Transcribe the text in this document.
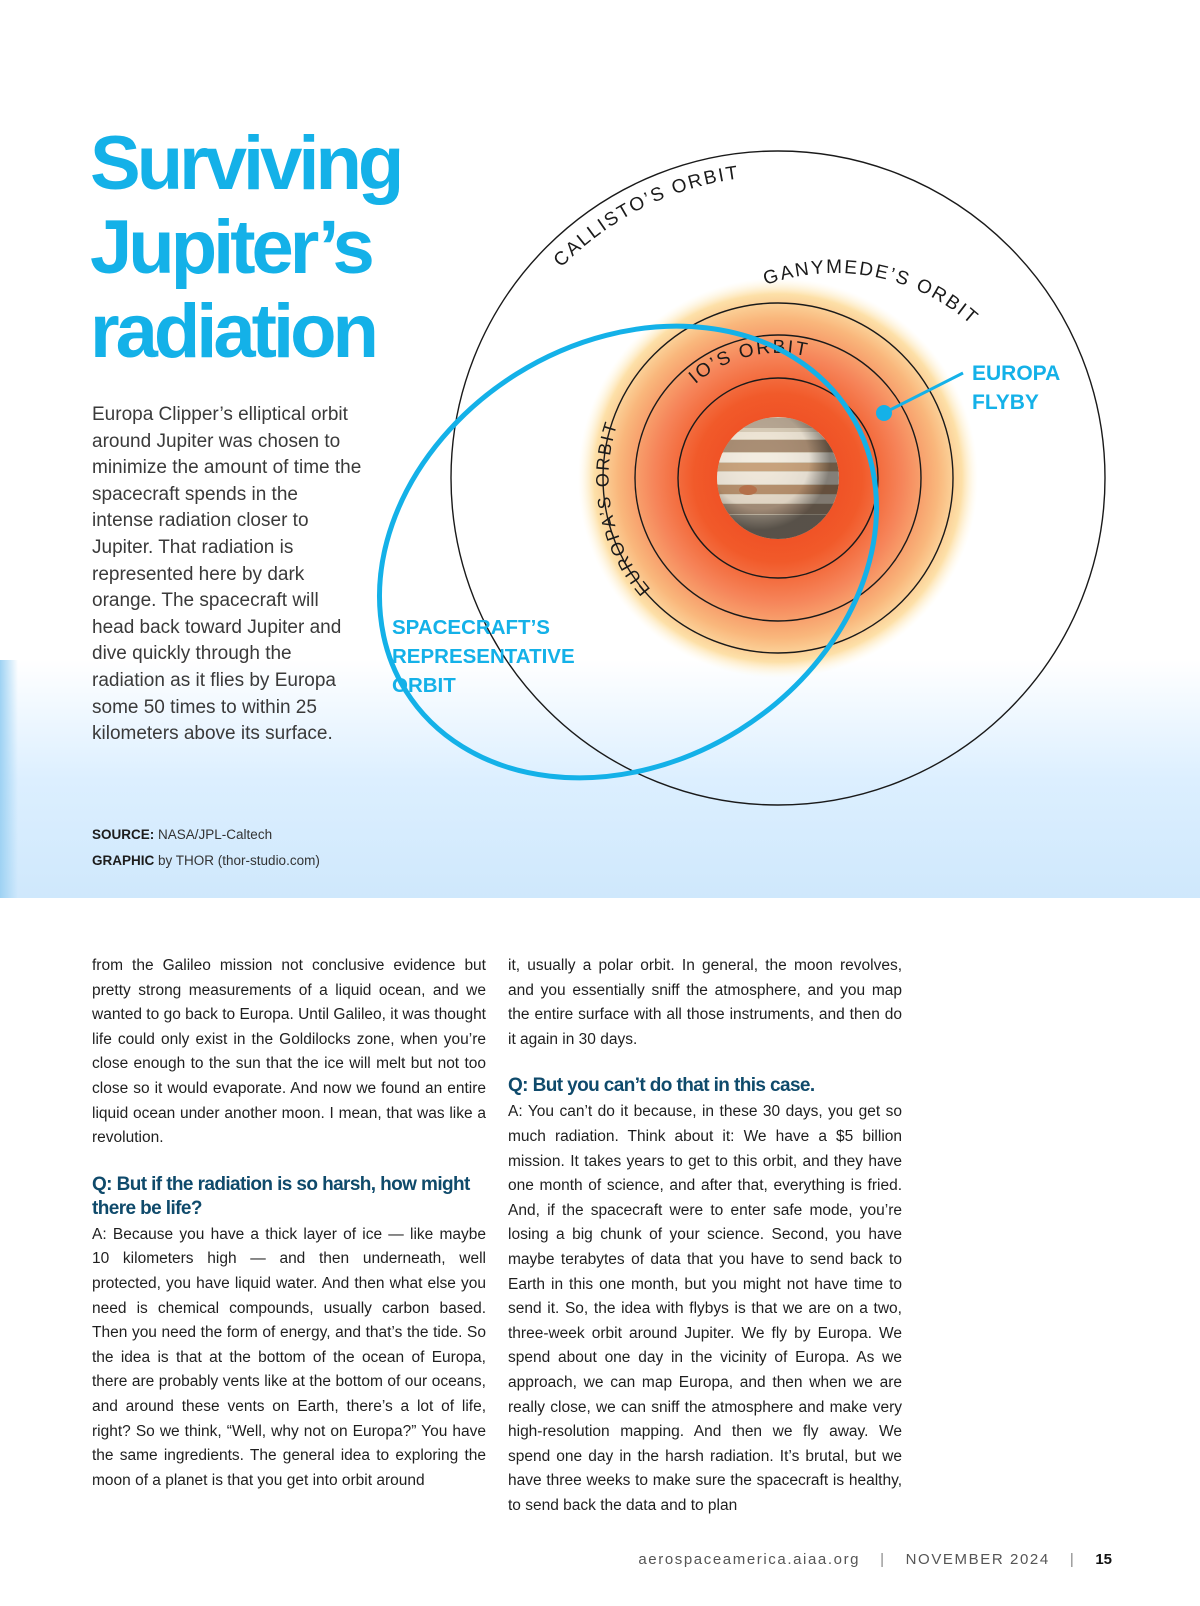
Surviving
Jupiter’s
radiation
Europa Clipper’s elliptical orbit around Jupiter was chosen to minimize the amount of time the spacecraft spends in the intense radiation closer to Jupiter. That radiation is represented here by dark orange. The spacecraft will head back toward Jupiter and dive quickly through the radiation as it flies by Europa some 50 times to within 25 kilometers above its surface.
SOURCE: NASA/JPL-Caltech
GRAPHIC by THOR (thor-studio.com)
CALLISTO’S ORBIT
GANYMEDE’S ORBIT
EUROPA’S ORBIT
IO’S ORBIT
EUROPA FLYBY
SPACECRAFT’S REPRESENTATIVE ORBIT

from the Galileo mission not conclusive evidence but pretty strong measurements of a liquid ocean, and we wanted to go back to Europa. Until Galileo, it was thought life could only exist in the Goldilocks zone, when you’re close enough to the sun that the ice will melt but not too close so it would evaporate. And now we found an entire liquid ocean under another moon. I mean, that was like a revolution.

Q: But if the radiation is so harsh, how might there be life?

A: Because you have a thick layer of ice — like maybe 10 kilometers high — and then underneath, well protected, you have liquid water. And then what else you need is chemical compounds, usually carbon based. Then you need the form of energy, and that’s the tide. So the idea is that at the bottom of the ocean of Europa, there are probably vents like at the bottom of our oceans, and around these vents on Earth, there’s a lot of life, right? So we think, “Well, why not on Europa?” You have the same ingredients. The general idea to exploring the moon of a planet is that you get into orbit around

it, usually a polar orbit. In general, the moon revolves, and you essentially sniff the atmosphere, and you map the entire surface with all those instruments, and then do it again in 30 days.

Q: But you can’t do that in this case.

A: You can’t do it because, in these 30 days, you get so much radiation. Think about it: We have a $5 billion mission. It takes years to get to this orbit, and they have one month of science, and after that, everything is fried. And, if the spacecraft were to enter safe mode, you’re losing a big chunk of your science. Second, you have maybe terabytes of data that you have to send back to Earth in this one month, but you might not have time to send it. So, the idea with flybys is that we are on a two, three-week orbit around Jupiter. We fly by Europa. We spend about one day in the vicinity of Europa. As we approach, we can map Europa, and then when we are really close, we can sniff the atmosphere and make very high-resolution mapping. And then we fly away. We spend one day in the harsh radiation. It’s brutal, but we have three weeks to make sure the spacecraft is healthy, to send back the data and to plan

aerospaceamerica.aiaa.org | NOVEMBER 2024 | 15
